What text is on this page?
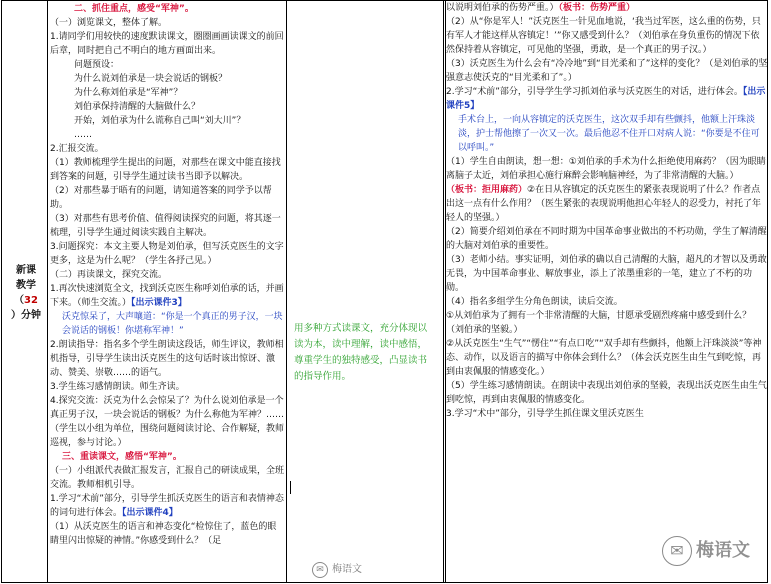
新课
教学
（32
）分钟
二、抓住重点，感受“军神”。
（一）浏览课文，整体了解。
1.请同学们用较快的速度默读课文，圈圈画画读课文的前回后章，同时把自己不明白的地方画面出来。
问题预设：
为什么说刘伯承是一块会说话的钢板？
为什么称刘伯承是“军神”？
刘伯承保持清醒的大脑做什么？
开始，刘伯承为什么谎称自己叫“刘大川”？
……
2.汇报交流。
（1）教师梳理学生提出的问题，对那些在课文中能直接找到答案的问题，引导学生通过读书当即予以解决。
（2）对那些暴于晤有的问题，请知道答案的同学予以帮助。
（3）对那些有思考价值、值得阅读探究的问题，将其逐一梳理，引导学生通过阅读实践自主解决。
3.问题探究：本文主要人物是刘伯承，但写沃克医生的文字更多，这是为什么呢？（学生各抒己见。）
（二）再读课文，探究交流。
1.再次快速浏览全文，找到沃克医生称呼刘伯承的话，并画下来。（师生交流。）【出示课件3】
沃克惊呆了，大声嚷道：“你是一个真正的男子汉，一块会说话的钢板！你堪称军神！”
2.朗读指导：指名多个学生朗读这段话，师生评议，教师相机指导，引导学生读出沃克医生的这句话时该出惊讶、激动、赞美、崇敬……的语气。
3.学生练习感情朗读。师生齐读。
4.探究交流：沃克为什么会惊呆了？为什么说刘伯承是一个真正男子汉，一块会说话的钢板？为什么称他为军神？……（学生以小组为单位，围绕问题阅读讨论、合作解疑，教师巡视，参与讨论。）
三、重读课文，感悟“军神”。
（一）小组派代表做汇报发言，汇报自己的研读成果，全班交流。教师相机引导。
1.学习“术前”部分，引导学生抓沃克医生的语言和表情神态的词句进行体会。【出示课件4】
（1）从沃克医生的语言和神态变化“检惊住了，蓝色的眼睛里闪出惊疑的神情。”你感受到什么？（足
用多种方式读课文，充分体现以读为本，读中理解，读中感悟，尊重学生的独特感受，凸显读书的指导作用。
以说明刘伯承的伤势严重。）（板书：伤势严重）
（2）从“你是军人！”沃克医生一针见血地说，‘我当过军医，这么重的伤势，只有军人才能这样从容镇定！’”你又感受到什么？（刘伯承在身负重伤的情况下依然保持着从容镇定，可见他的坚强，勇敢，是一个真正的男子汉。）
（3）沃克医生为什么会有“冷冷地”到“目光柔和了”这样的变化？（是刘伯承的坚强意志使沃克的“目光柔和了”。）
2.学习“术前”部分，引导学生学习抓刘伯承与沃克医生的对话，进行体会。【出示课件5】
手术台上，一向从容镇定的沃克医生，这次双手却有些颤抖，他额上汗珠淡淡，护士帮他擦了一次又一次。最后他忍不住开口对病人说：“你要是不住可以呼叫。”
（1）学生自由朗读，想一想：①刘伯承的手术为什么拒绝使用麻药？（因为眼睛离脑子太近，刘伯承担心施行麻醉会影响脑神经，为了非常清醒的大脑。）
（板书：拒用麻药）②在日从容镇定的沃克医生的紧张表现说明了什么？作者点出这一点有什么作用？（医生紧张的表现说明他担心年轻人的忍受力，衬托了年轻人的坚强。）
（2）简要介绍刘伯承在不同时期为中国革命事业做出的不朽功勋，学生了解清醒的大脑对刘伯承的重要性。
（3）老师小结。事实证明，刘伯承的确以自己清醒的大脑，超凡的才智以及勇敢无畏，为中国革命事业、解放事业，添上了浓墨重彩的一笔，建立了不朽的功勋。
（4）指名多组学生分角色朗读，读后交流。
①从刘伯承为了拥有一个非常清醒的大脑，甘愿承受剧烈疼痛中感受到什么？（刘伯承的坚毅。）
②从沃克医生“生气”“愣住”“有点口吃”“双手却有些颤抖，他额上汗珠淡淡”等神态、动作，以及语言的描写中你体会到什么？（体会沃克医生由生气到吃惊，再到由衷佩服的情感变化。）
（5）学生练习感情朗读。在朗读中表现出刘伯承的坚毅，表现出沃克医生由生气到吃惊，再到由衷佩服的情感变化。
3.学习“术中”部分，引导学生抓住课文里沃克医生
✉ 梅语文
✉ 梅语文
